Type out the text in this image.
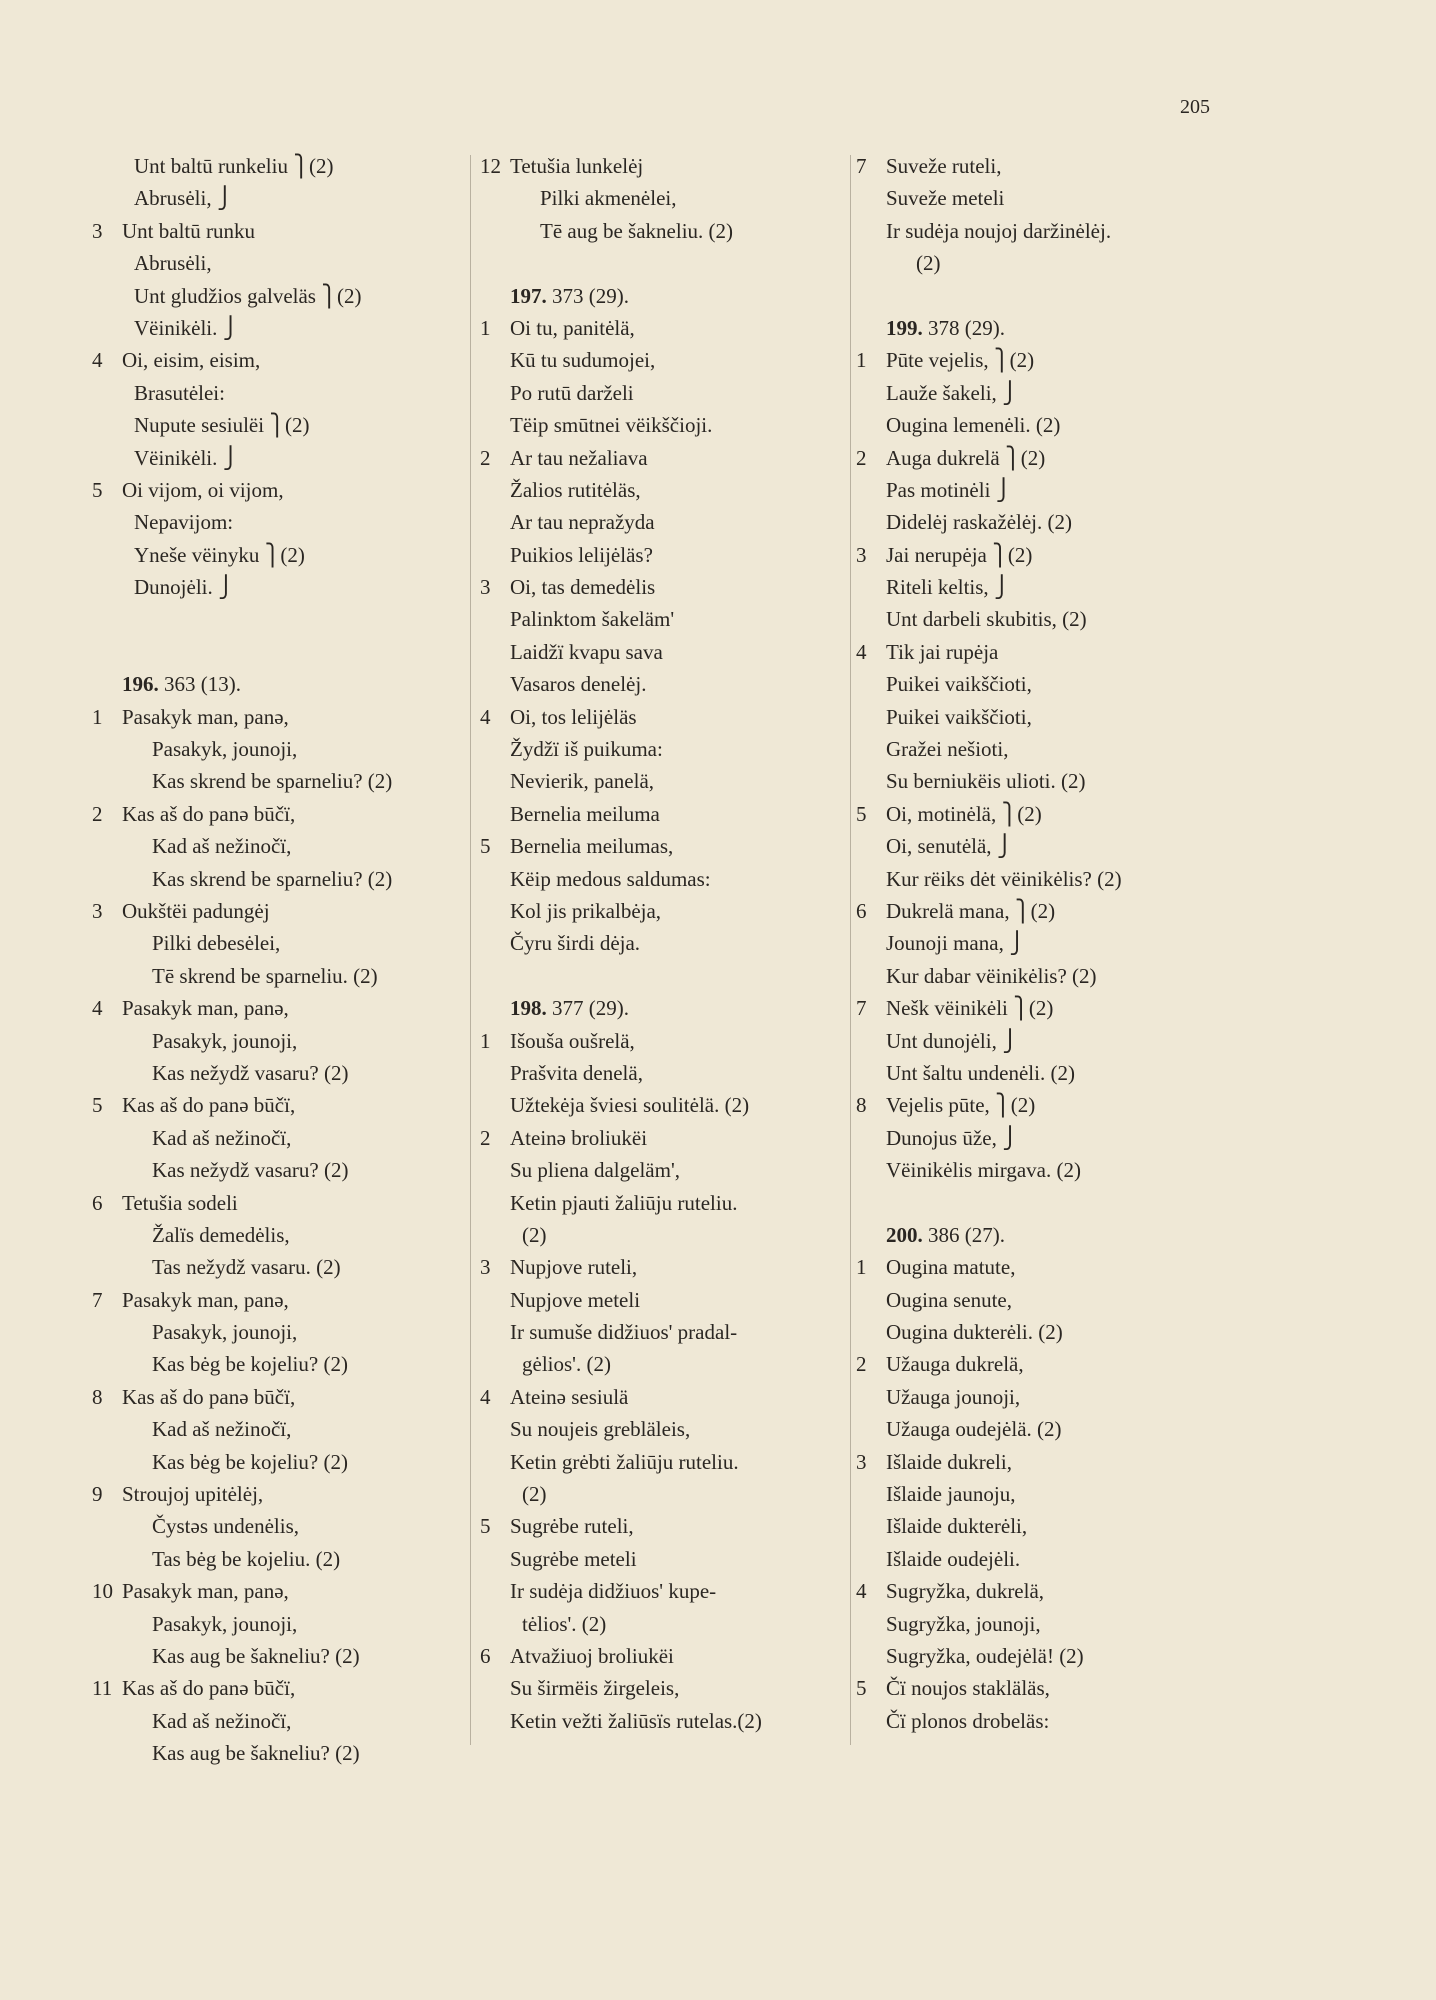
205
Unt baltū runkeliu ⎫(2)
Abrusėli, ⎭
3 Unt baltū runku
Abrusėli,
Unt gludžios galveläs ⎫(2)
Vëinikėli. ⎭
4 Oi, eisim, eisim,
Brasutėlei:
Nupute sesiulëi ⎫(2)
Vëinikėli. ⎭
5 Oi vijom, oi vijom,
Nepavijom:
Yneše vëinyku ⎫(2)
Dunojėli. ⎭
196. 363 (13).
1 Pasakyk man, panə,
Pasakyk, jounoji,
Kas skrend be sparneliu? (2)
2 Kas aš do panə būčï,
Kad aš nežinočï,
Kas skrend be sparneliu? (2)
3 Oukštëi padungėj
Pilki debesėlei,
Tē skrend be sparneliu. (2)
4 Pasakyk man, panə,
Pasakyk, jounoji,
Kas nežydž vasaru? (2)
5 Kas aš do panə būčï,
Kad aš nežinočï,
Kas nežydž vasaru? (2)
6 Tetušia sodeli
Žalïs demedėlis,
Tas nežydž vasaru. (2)
7 Pasakyk man, panə,
Pasakyk, jounoji,
Kas bėg be kojeliu? (2)
8 Kas aš do panə būčï,
Kad aš nežinočï,
Kas bėg be kojeliu? (2)
9 Stroujoj upitėlėj,
Čystəs undenėlis,
Tas bėg be kojeliu. (2)
10 Pasakyk man, panə,
Pasakyk, jounoji,
Kas aug be šakneliu? (2)
11 Kas aš do panə būčï,
Kad aš nežinočï,
Kas aug be šakneliu? (2)
12 Tetušia lunkelėj
Pilki akmenėlei,
Tē aug be šakneliu. (2)
197. 373 (29).
1 Oi tu, panitėlä,
Kū tu sudumojei,
Po rutū darželi
Tëip smūtnei vëikščioji.
2 Ar tau nežaliava
Žalios rutitėläs,
Ar tau nepražyda
Puikios lelijėläs?
3 Oi, tas demedėlis
Palinktom šakeläm'
Laidžï kvapu sava
Vasaros denelėj.
4 Oi, tos lelijėläs
Žydžï iš puikuma:
Nevierik, panelä,
Bernelia meiluma
5 Bernelia meilumas,
Këip medous saldumas:
Kol jis prikalbėja,
Čyru širdi dėja.
198. 377 (29).
1 Išouša oušrelä,
Prašvita denelä,
Užtekėja šviesi soulitėlä. (2)
2 Ateinə broliukëi
Su pliena dalgeläm',
Ketin pjauti žaliūju ruteliu.
(2)
3 Nupjove ruteli,
Nupjove meteli
Ir sumuše didžiuos' pradal-
gėlios'. (2)
4 Ateinə sesiulä
Su noujeis grebläleis,
Ketin grėbti žaliūju ruteliu.
(2)
5 Sugrėbe ruteli,
Sugrėbe meteli
Ir sudėja didžiuos' kupe-
tėlios'. (2)
6 Atvažiuoj broliukëi
Su širmëis žirgeleis,
Ketin vežti žaliūsïs rutelas.(2)
7 Suveže ruteli,
Suveže meteli
Ir sudėja noujoj daržinėlėj.
(2)
199. 378 (29).
1 Pūte vejelis, ⎫(2)
Lauže šakeli, ⎭
Ougina lemenėli. (2)
2 Auga dukrelä ⎫(2)
Pas motinėli ⎭
Didelėj raskažėlėj. (2)
3 Jai nerupėja ⎫(2)
Riteli keltis, ⎭
Unt darbeli skubitis, (2)
4 Tik jai rupėja
Puikei vaikščioti,
Puikei vaikščioti,
Gražei nešioti,
Su berniukëis ulioti. (2)
5 Oi, motinėlä, ⎫(2)
Oi, senutėlä, ⎭
Kur rëiks dėt vëinikėlis? (2)
6 Dukrelä mana, ⎫(2)
Jounoji mana, ⎭
Kur dabar vëinikėlis? (2)
7 Nešk vëinikėli ⎫(2)
Unt dunojėli, ⎭
Unt šaltu undenėli. (2)
8 Vejelis pūte, ⎫(2)
Dunojus ūže, ⎭
Vëinikėlis mirgava. (2)
200. 386 (27).
1 Ougina matute,
Ougina senute,
Ougina dukterėli. (2)
2 Užauga dukrelä,
Užauga jounoji,
Užauga oudejėlä. (2)
3 Išlaide dukreli,
Išlaide jaunoju,
Išlaide dukterėli,
Išlaide oudejėli.
4 Sugryžka, dukrelä,
Sugryžka, jounoji,
Sugryžka, oudejėlä! (2)
5 Čï noujos stakläläs,
Čï plonos drobeläs:
